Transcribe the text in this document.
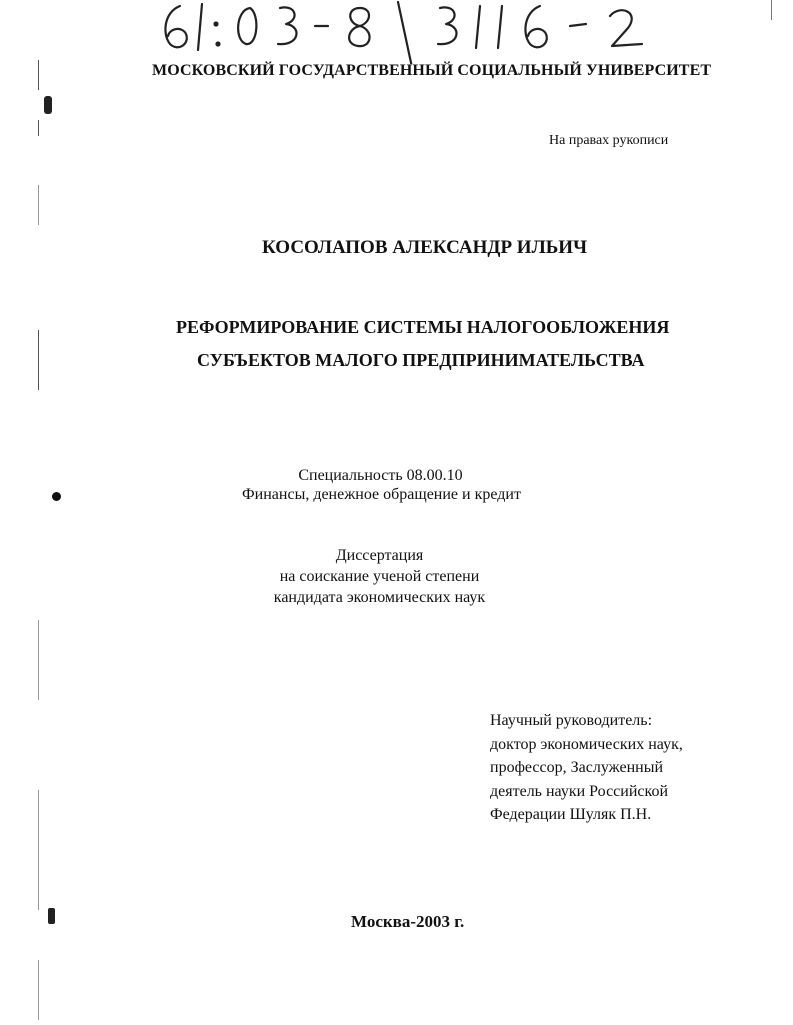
МОСКОВСКИЙ ГОСУДАРСТВЕННЫЙ СОЦИАЛЬНЫЙ УНИВЕРСИТЕТ
На правах рукописи
КОСОЛАПОВ АЛЕКСАНДР ИЛЬИЧ
РЕФОРМИРОВАНИЕ СИСТЕМЫ НАЛОГООБЛОЖЕНИЯ
СУБЪЕКТОВ МАЛОГО ПРЕДПРИНИМАТЕЛЬСТВА
Специальность 08.00.10
Финансы, денежное обращение и кредит
Диссертация
на соискание ученой степени
кандидата экономических наук
Научный руководитель:
доктор экономических наук,
профессор, Заслуженный
деятель науки Российской
Федерации Шуляк П.Н.
Москва-2003 г.
